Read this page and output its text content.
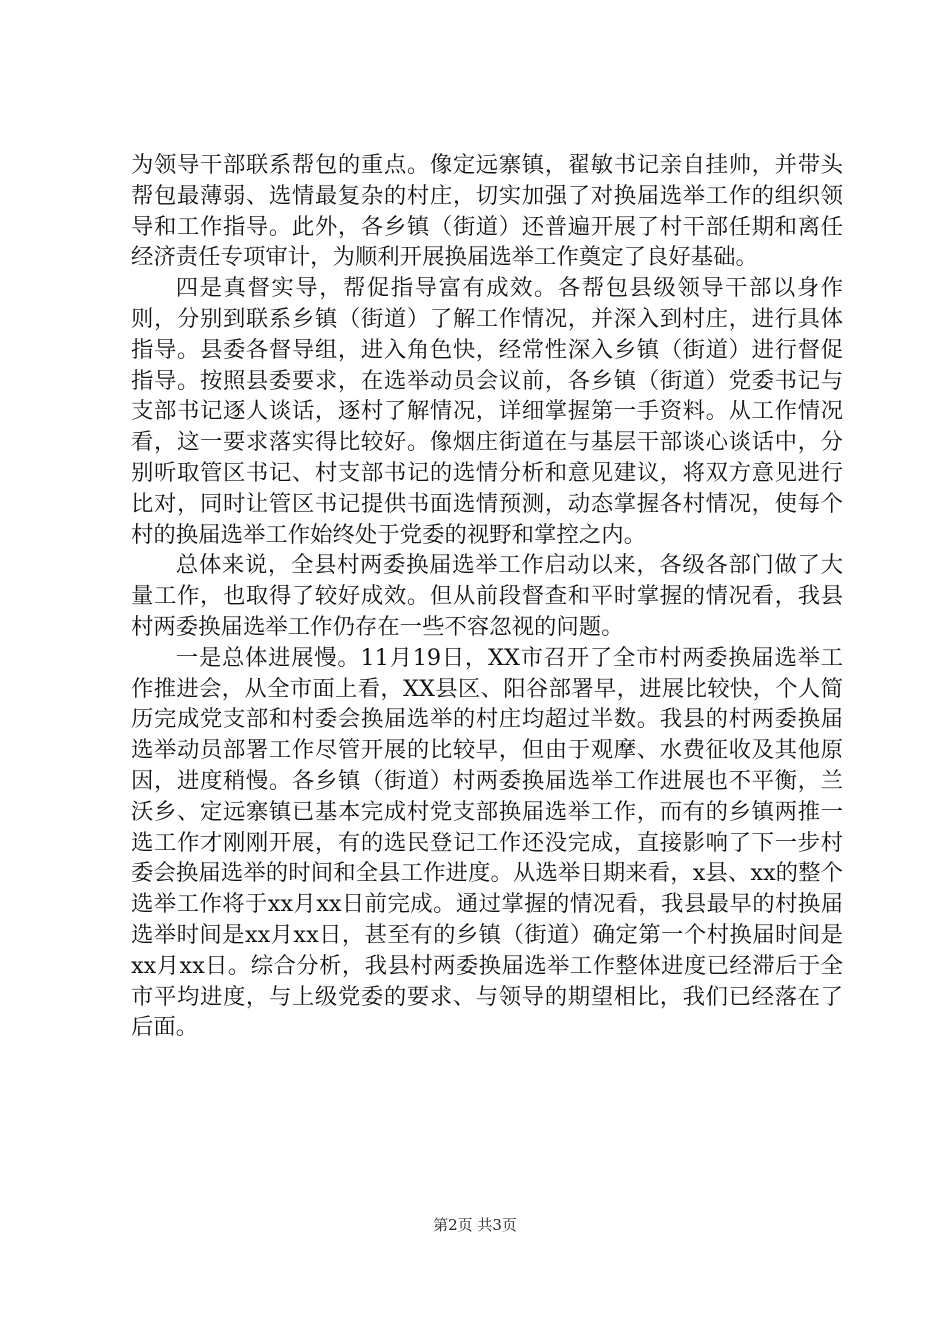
为领导干部联系帮包的重点。像定远寨镇，翟敏书记亲自挂帅，并带头帮包最薄弱、选情最复杂的村庄，切实加强了对换届选举工作的组织领导和工作指导。此外，各乡镇（街道）还普遍开展了村干部任期和离任经济责任专项审计，为顺利开展换届选举工作奠定了良好基础。

四是真督实导，帮促指导富有成效。各帮包县级领导干部以身作则，分别到联系乡镇（街道）了解工作情况，并深入到村庄，进行具体指导。县委各督导组，进入角色快，经常性深入乡镇（街道）进行督促指导。按照县委要求，在选举动员会议前，各乡镇（街道）党委书记与支部书记逐人谈话，逐村了解情况，详细掌握第一手资料。从工作情况看，这一要求落实得比较好。像烟庄街道在与基层干部谈心谈话中，分别听取管区书记、村支部书记的选情分析和意见建议，将双方意见进行比对，同时让管区书记提供书面选情预测，动态掌握各村情况，使每个村的换届选举工作始终处于党委的视野和掌控之内。

总体来说，全县村两委换届选举工作启动以来，各级各部门做了大量工作，也取得了较好成效。但从前段督查和平时掌握的情况看，我县村两委换届选举工作仍存在一些不容忽视的问题。

一是总体进展慢。11月19日，XX市召开了全市村两委换届选举工作推进会，从全市面上看，XX县区、阳谷部署早，进展比较快，个人简历完成党支部和村委会换届选举的村庄均超过半数。我县的村两委换届选举动员部署工作尽管开展的比较早，但由于观摩、水费征收及其他原因，进度稍慢。各乡镇（街道）村两委换届选举工作进展也不平衡，兰沃乡、定远寨镇已基本完成村党支部换届选举工作，而有的乡镇两推一选工作才刚刚开展，有的选民登记工作还没完成，直接影响了下一步村委会换届选举的时间和全县工作进度。从选举日期来看，x县、xx的整个选举工作将于xx月xx日前完成。通过掌握的情况看，我县最早的村换届选举时间是xx月xx日，甚至有的乡镇（街道）确定第一个村换届时间是xx月xx日。综合分析，我县村两委换届选举工作整体进度已经滞后于全市平均进度，与上级党委的要求、与领导的期望相比，我们已经落在了后面。

第2页 共3页
